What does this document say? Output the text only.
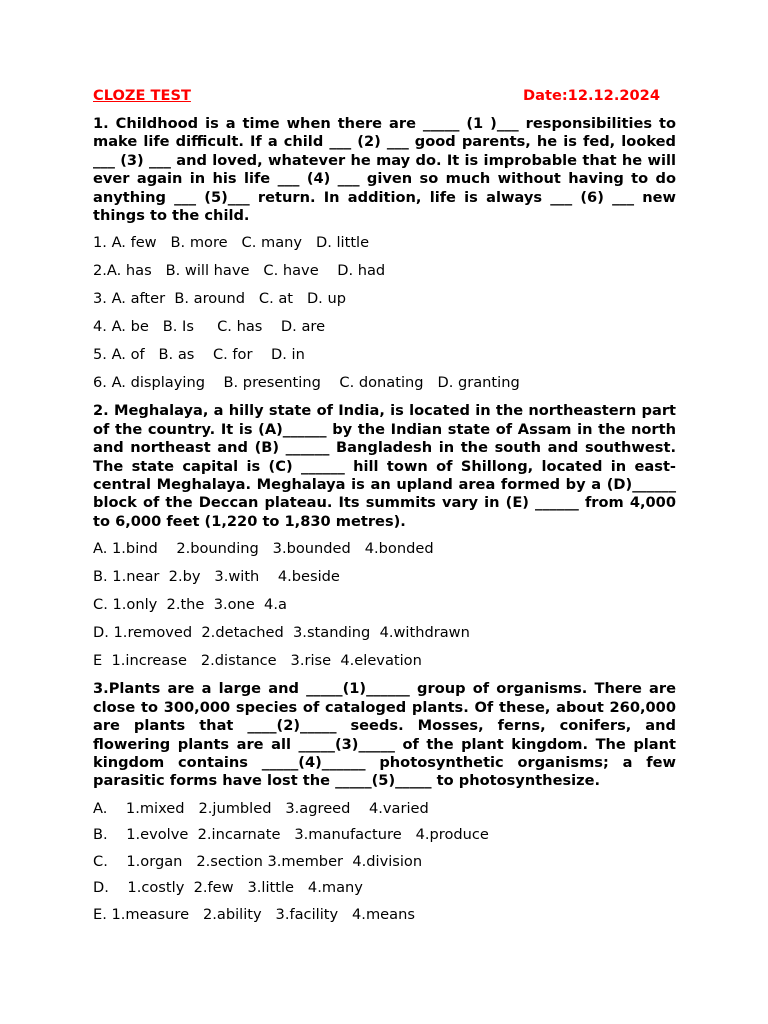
CLOZE TEST	Date:12.12.2024

1. Childhood is a time when there are _____ (1 )___ responsibilities to make life difficult. If a child ___ (2) ___ good parents, he is fed, looked ___ (3) ___ and loved, whatever he may do. It is improbable that he will ever again in his life ___ (4) ___ given so much without having to do anything ___ (5)___ return. In addition, life is always ___ (6) ___ new things to the child.

1. A. few   B. more   C. many   D. little
2.A. has   B. will have   C. have    D. had
3. A. after  B. around   C. at   D. up
4. A. be   B. Is     C. has    D. are
5. A. of   B. as    C. for    D. in
6. A. displaying    B. presenting    C. donating   D. granting

2. Meghalaya, a hilly state of India, is located in the northeastern part of the country. It is (A)______ by the Indian state of Assam in the north and northeast and (B) ______ Bangladesh in the south and southwest. The state capital is (C) ______ hill town of Shillong, located in east-central Meghalaya. Meghalaya is an upland area formed by a (D)______ block of the Deccan plateau. Its summits vary in (E) ______ from 4,000 to 6,000 feet (1,220 to 1,830 metres).

A. 1.bind    2.bounding   3.bounded   4.bonded
B. 1.near  2.by   3.with    4.beside
C. 1.only  2.the  3.one  4.a
D. 1.removed  2.detached  3.standing  4.withdrawn
E  1.increase   2.distance   3.rise  4.elevation

3.Plants are a large and _____(1)______ group of organisms. There are close to 300,000 species of cataloged plants. Of these, about 260,000 are plants that ____(2)_____ seeds. Mosses, ferns, conifers, and flowering plants are all _____(3)_____ of the plant kingdom. The plant kingdom contains _____(4)______ photosynthetic organisms; a few parasitic forms have lost the _____(5)_____ to photosynthesize.

A.    1.mixed   2.jumbled   3.agreed    4.varied
B.    1.evolve  2.incarnate   3.manufacture   4.produce
C.    1.organ   2.section 3.member  4.division
D.    1.costly  2.few   3.little   4.many
E. 1.measure   2.ability   3.facility   4.means
